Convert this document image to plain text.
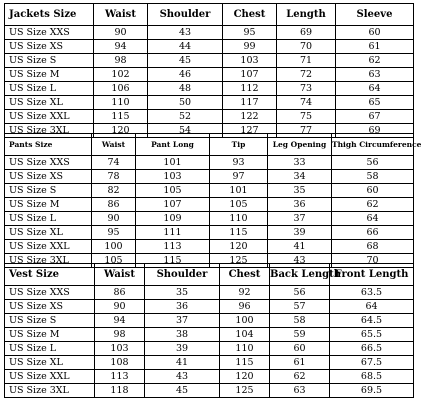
Jackets Size	Waist	Shoulder	Chest	Length	Sleeve
US Size XXS	90	43	95	69	60
US Size XS	94	44	99	70	61
US Size S	98	45	103	71	62
US Size M	102	46	107	72	63
US Size L	106	48	112	73	64
US Size XL	110	50	117	74	65
US Size XXL	115	52	122	75	67
US Size 3XL	120	54	127	77	69
Pants Size	Waist	Pant Long	Tip	Leg Opening	Thigh Circumference
US Size XXS	74	101	93	33	56
US Size XS	78	103	97	34	58
US Size S	82	105	101	35	60
US Size M	86	107	105	36	62
US Size L	90	109	110	37	64
US Size XL	95	111	115	39	66
US Size XXL	100	113	120	41	68
US Size 3XL	105	115	125	43	70
Vest Size	Waist	Shoulder	Chest	Back Length	Front Length
US Size XXS	86	35	92	56	63.5
US Size XS	90	36	96	57	64
US Size S	94	37	100	58	64.5
US Size M	98	38	104	59	65.5
US Size L	103	39	110	60	66.5
US Size XL	108	41	115	61	67.5
US Size XXL	113	43	120	62	68.5
US Size 3XL	118	45	125	63	69.5
